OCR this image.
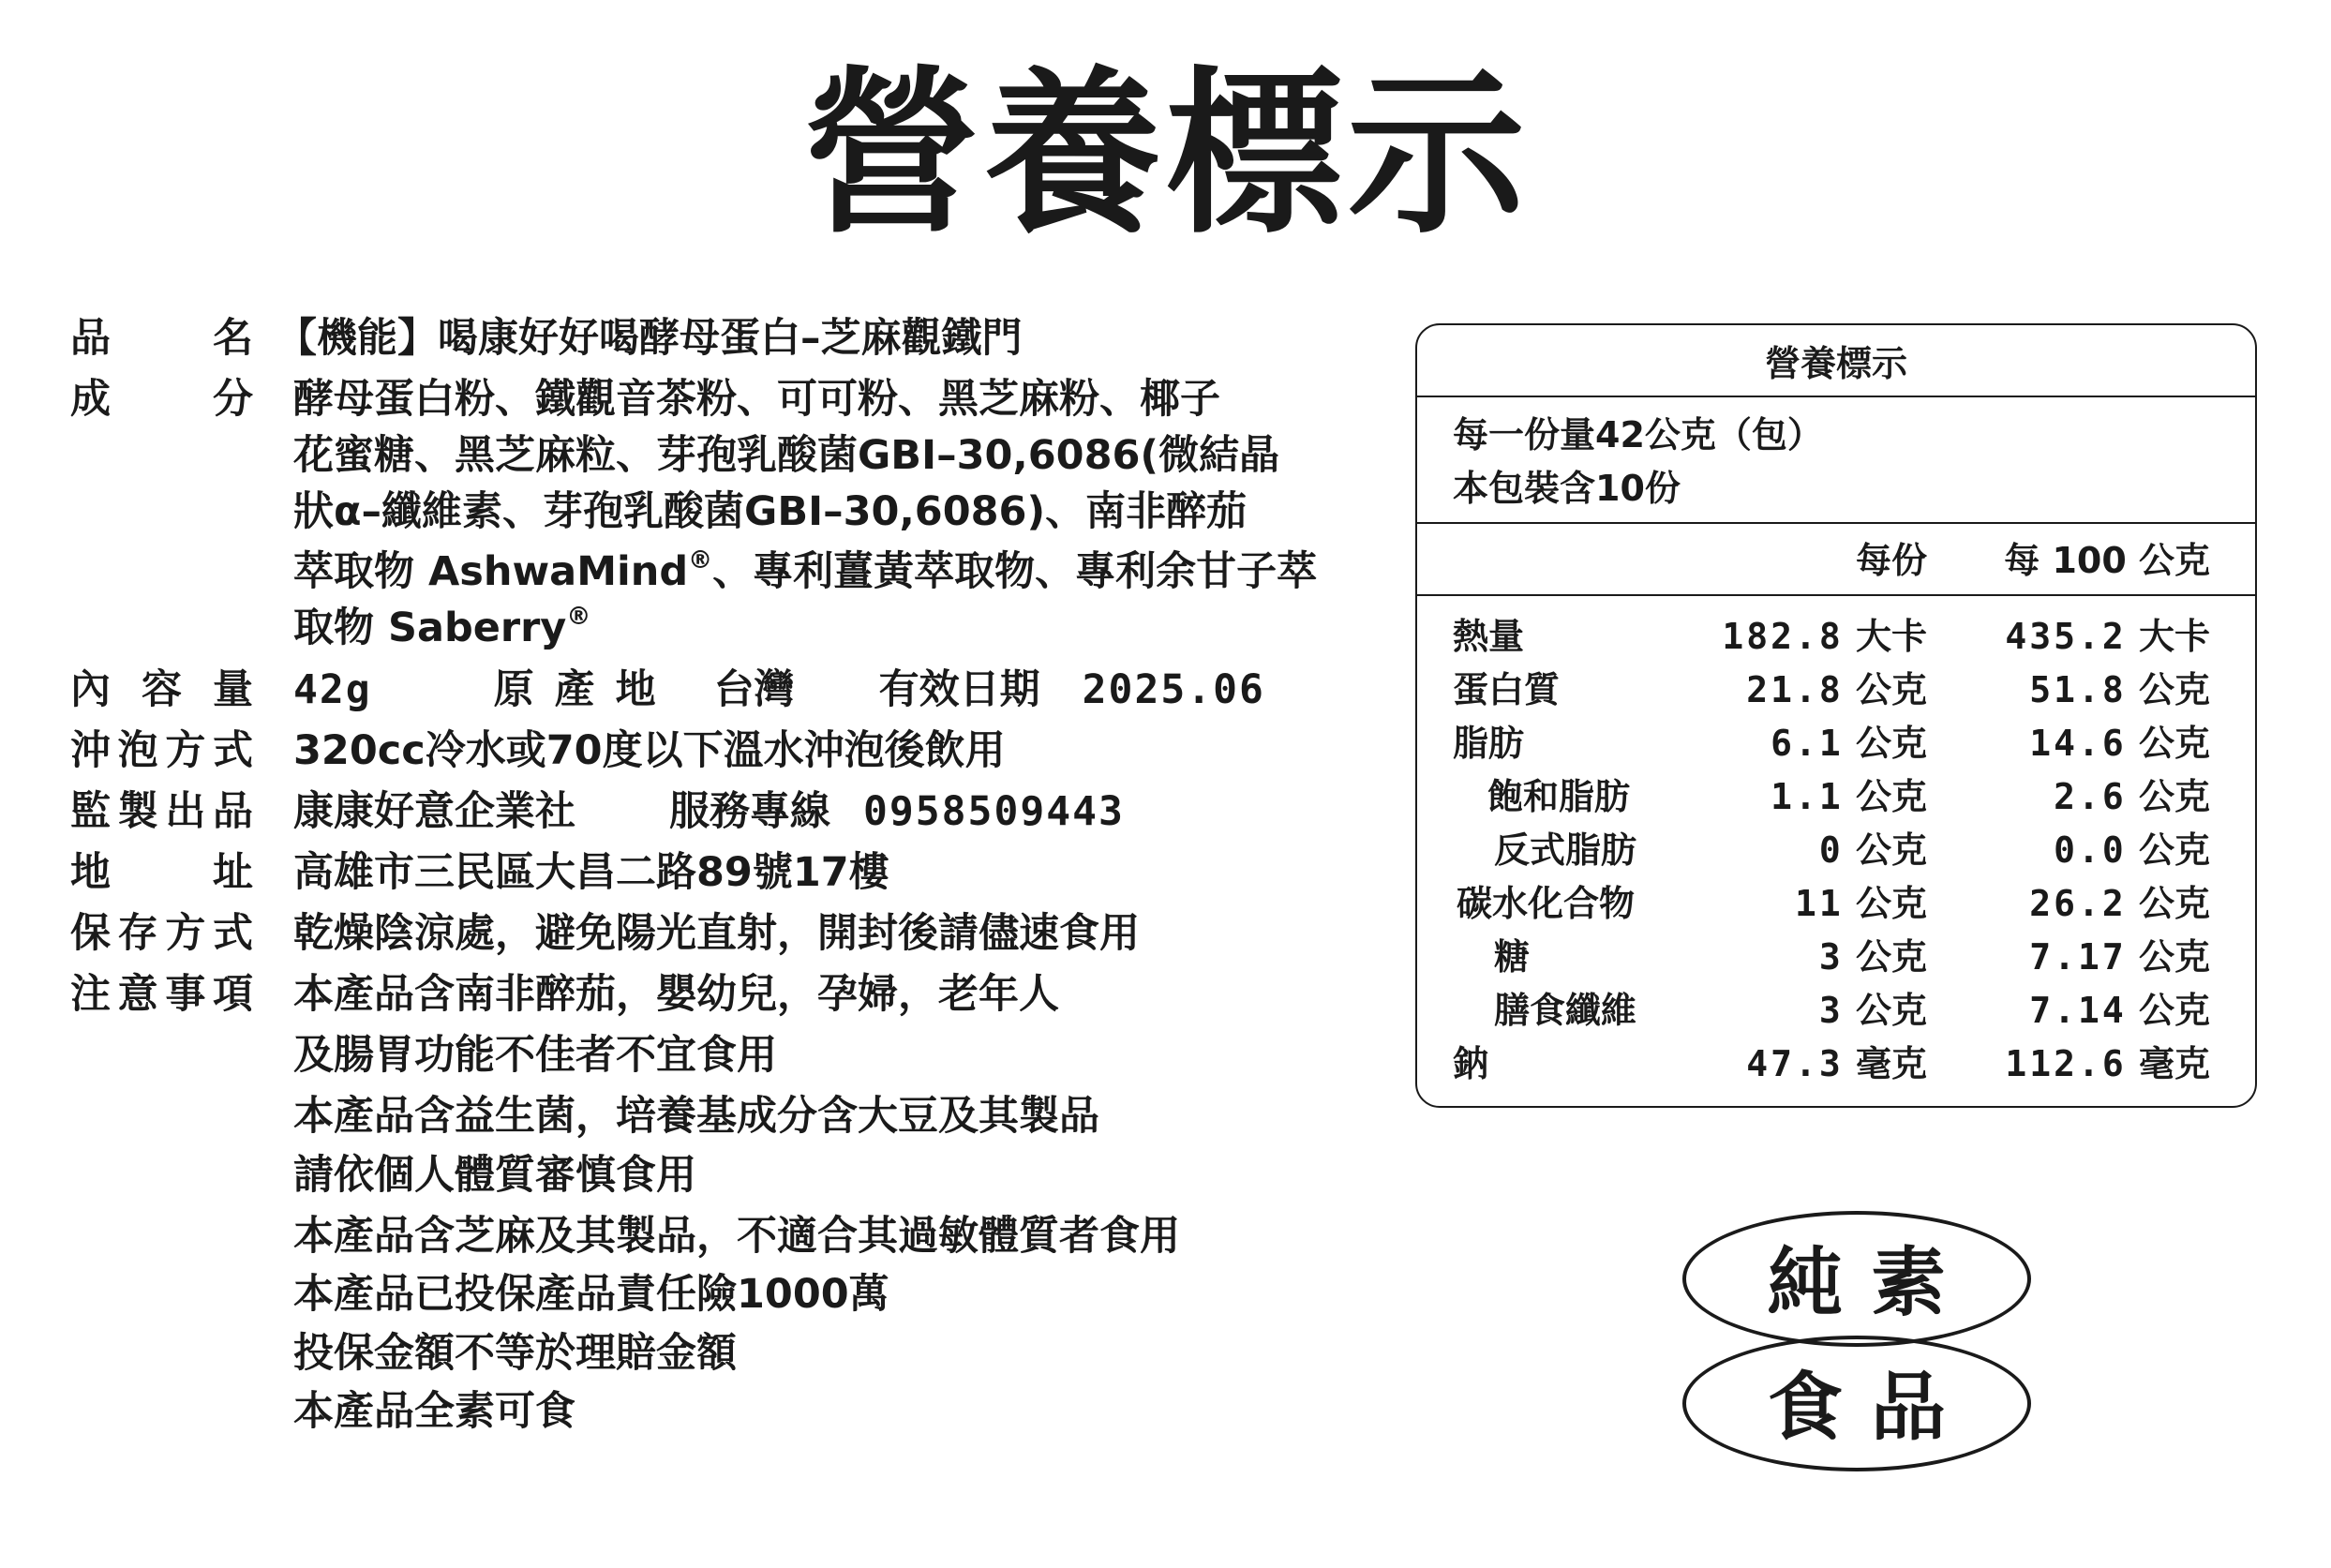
營養標示
品名 【機能】喝康好好喝酵母蛋白–芝麻觀鐵門
成分 酵母蛋白粉、鐵觀音茶粉、可可粉、黑芝麻粉、椰子
花蜜糖、黑芝麻粒、芽孢乳酸菌GBI–30,6086(微結晶
狀α–纖維素、芽孢乳酸菌GBI–30,6086)、南非醉茄
萃取物 AshwaMind®、專利薑黃萃取物、專利余甘子萃
取物 Saberry®
內容量 42g	原產地 台灣 有效日期 2025.06
沖泡方式 320cc冷水或70度以下溫水沖泡後飲用
監製出品 康康好意企業社 服務專線 0958509443
地址 高雄市三民區大昌二路89號17樓
保存方式 乾燥陰涼處，避免陽光直射，開封後請儘速食用
注意事項 本產品含南非醉茄，嬰幼兒，孕婦，老年人
及腸胃功能不佳者不宜食用
本產品含益生菌，培養基成分含大豆及其製品
請依個人體質審慎食用
本產品含芝麻及其製品，不適合其過敏體質者食用
本產品已投保產品責任險1000萬
投保金額不等於理賠金額
本產品全素可食
營養標示
每一份量42公克（包）
本包裝含10份
每份 每 100 公克
熱量	182.8 大卡 435.2 大卡
蛋白質	21.8 公克	51.8 公克
脂肪	6.1 公克	14.6 公克
飽和脂肪	1.1 公克	2.6 公克
反式脂肪	0 公克	0.0 公克
碳水化合物	11 公克	26.2 公克
糖	3 公克	7.17 公克
膳食纖維	3 公克	7.14 公克
鈉	47.3 毫克 112.6 毫克
純素
食品
